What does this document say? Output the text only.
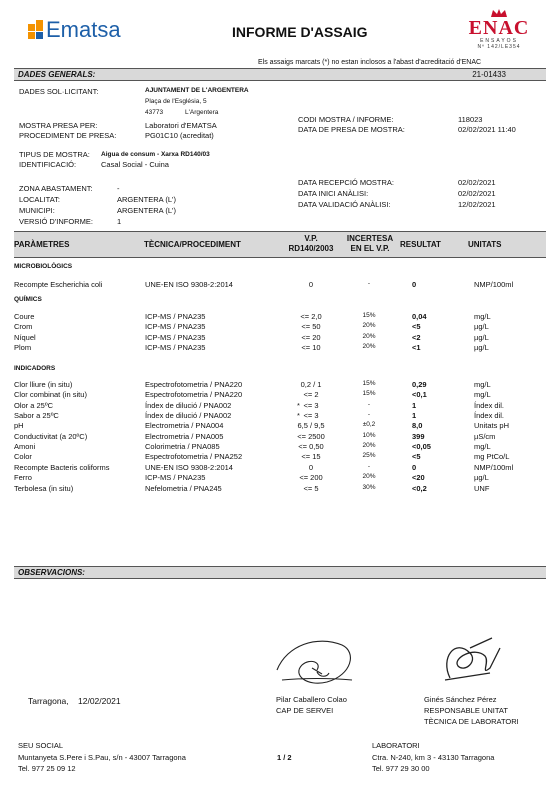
Ematsa	INFORME D'ASSAIG	ENAC
ENSAYOS
Nº 142/LE354
Els assaigs marcats (*) no estan inclosos a l'abast d'acreditació d'ENAC
DADES GENERALS:	21-01433
DADES SOL·LICITANT:	AJUNTAMENT DE L'ARGENTERA
Plaça de l'Església, 5
43773	L'Argentera
MOSTRA PRESA PER:	Laboratori d'EMATSA
PROCEDIMENT DE PRESA:	PG01C10 (acreditat)
CODI MOSTRA / INFORME:	118023
DATA DE PRESA DE MOSTRA:	02/02/2021 11:40
TIPUS DE MOSTRA: Aigua de consum - Xarxa RD140/03
IDENTIFICACIÓ:	Casal Social - Cuina
ZONA ABASTAMENT:	-
LOCALITAT:	ARGENTERA (L')
MUNICIPI:	ARGENTERA (L')
VERSIÓ D'INFORME:	1
DATA RECEPCIÓ MOSTRA:	02/02/2021
DATA INICI ANÀLISI:	02/02/2021
DATA VALIDACIÓ ANÀLISI:	12/02/2021
PARÀMETRES	TÈCNICA/PROCEDIMENT
V.P.
RD140/2003
INCERTESA
EN EL V.P.	RESULTAT	UNITATS
MICROBIOLÒGICS
Recompte Escherichia coli	UNE-EN ISO 9308-2:2014	0	-	0	NMP/100ml
QUÍMICS
Coure	ICP-MS / PNA235	<= 2,0	15%	0,04	mg/L
Crom	ICP-MS / PNA235	<= 50	20%	<5	µg/L
Níquel	ICP-MS / PNA235	<= 20	20%	<2	µg/L
Plom	ICP-MS / PNA235	<= 10	20%	<1	µg/L
INDICADORS
Clor lliure (in situ)	Espectrofotometria / PNA220	0,2 / 1	15%	0,29	mg/L
Clor combinat (in situ)	Espectrofotometria / PNA220	<= 2	15%	<0,1	mg/L
Olor a 25ºC	Índex de dilució / PNA002	* <= 3	-	1	Índex dil.
Sabor a 25ºC	Índex de dilució / PNA002	* <= 3	-	1	Índex dil.
pH	Electrometria / PNA004	6,5 / 9,5	±0,2	8,0	Unitats pH
Conductivitat (a 20ºC)	Electrometria / PNA005	<= 2500	10%	399	µS/cm
Amoni	Colorimetria / PNA085	<= 0,50	20%	<0,05	mg/L
Color	Espectrofotometria / PNA252	<= 15	25%	<5	mg PtCo/L
Recompte Bacteris coliforms	UNE-EN ISO 9308-2:2014	0	-	0	NMP/100ml
Ferro	ICP-MS / PNA235	<= 200	20%	<20	µg/L
Terbolesa (in situ)	Nefelometria / PNA245	<= 5	30%	<0,2	UNF
OBSERVACIONS:
Tarragona, 12/02/2021	Pilar Caballero Colao
CAP DE SERVEI
Ginés Sánchez Pérez
RESPONSABLE UNITAT
TÈCNICA DE LABORATORI
SEU SOCIAL
Muntanyeta S.Pere i S.Pau, s/n - 43007 Tarragona
Tel. 977 25 09 12
1 / 2
LABORATORI
Ctra. N-240, km 3 - 43130 Tarragona
Tel. 977 29 30 00
